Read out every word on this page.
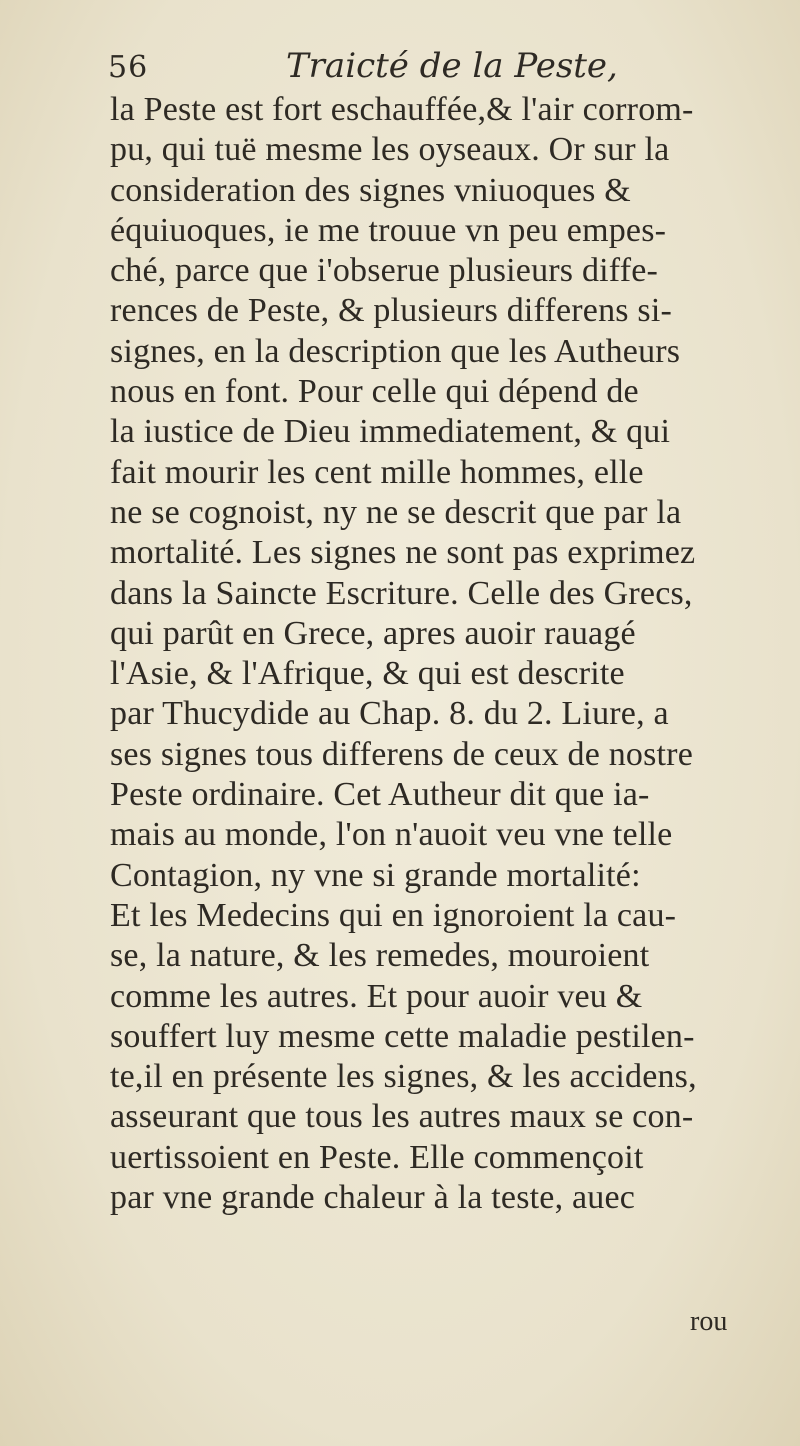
56	Traicté de la Peste,
la Peste est fort eschauffée,& l'air corrom-
pu, qui tuë mesme les oyseaux. Or sur la
consideration des signes vniuoques &
équiuoques, ie me trouue vn peu empes-
ché, parce que i'obserue plusieurs diffe-
rences de Peste, & plusieurs differens si-
signes, en la description que les Autheurs
nous en font. Pour celle qui dépend de
la iustice de Dieu immediatement, & qui
fait mourir les cent mille hommes, elle
ne se cognoist, ny ne se descrit que par la
mortalité. Les signes ne sont pas exprimez
dans la Saincte Escriture. Celle des Grecs,
qui parût en Grece, apres auoir rauagé
l'Asie, & l'Afrique, & qui est descrite
par Thucydide au Chap. 8. du 2. Liure, a
ses signes tous differens de ceux de nostre
Peste ordinaire. Cet Autheur dit que ia-
mais au monde, l'on n'auoit veu vne telle
Contagion, ny vne si grande mortalité:
Et les Medecins qui en ignoroient la cau-
se, la nature, & les remedes, mouroient
comme les autres. Et pour auoir veu &
souffert luy mesme cette maladie pestilen-
te,il en présente les signes, & les accidens,
asseurant que tous les autres maux se con-
uertissoient en Peste. Elle commençoit
par vne grande chaleur à la teste, auec
rou
